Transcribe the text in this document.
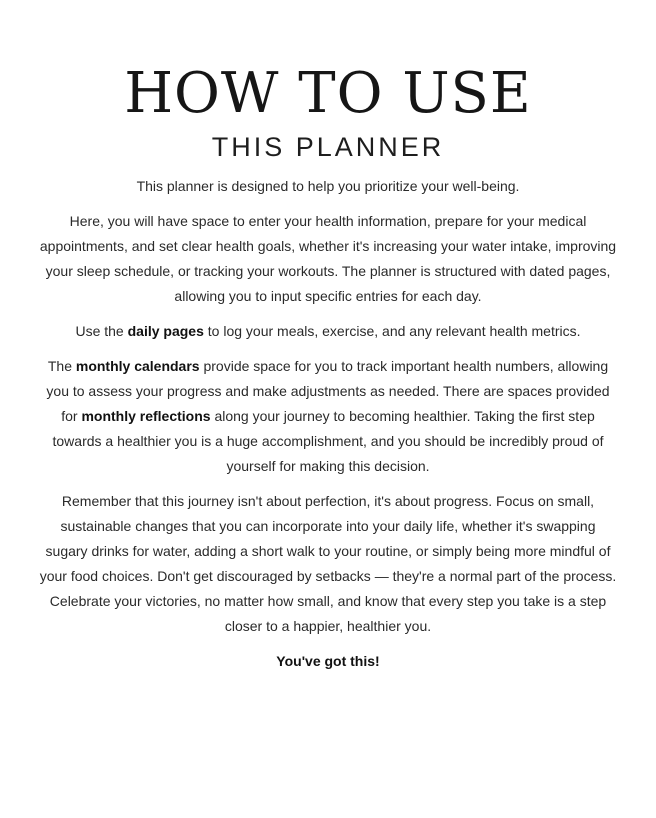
HOW TO USE
THIS PLANNER

This planner is designed to help you prioritize your well-being.

Here, you will have space to enter your health information, prepare for your medical appointments, and set clear health goals, whether it's increasing your water intake, improving your sleep schedule, or tracking your workouts. The planner is structured with dated pages, allowing you to input specific entries for each day.

Use the daily pages to log your meals, exercise, and any relevant health metrics.

The monthly calendars provide space for you to track important health numbers, allowing you to assess your progress and make adjustments as needed. There are spaces provided for monthly reflections along your journey to becoming healthier. Taking the first step towards a healthier you is a huge accomplishment, and you should be incredibly proud of yourself for making this decision.

Remember that this journey isn't about perfection, it's about progress. Focus on small, sustainable changes that you can incorporate into your daily life, whether it's swapping sugary drinks for water, adding a short walk to your routine, or simply being more mindful of your food choices. Don't get discouraged by setbacks — they're a normal part of the process. Celebrate your victories, no matter how small, and know that every step you take is a step closer to a happier, healthier you.

You've got this!
